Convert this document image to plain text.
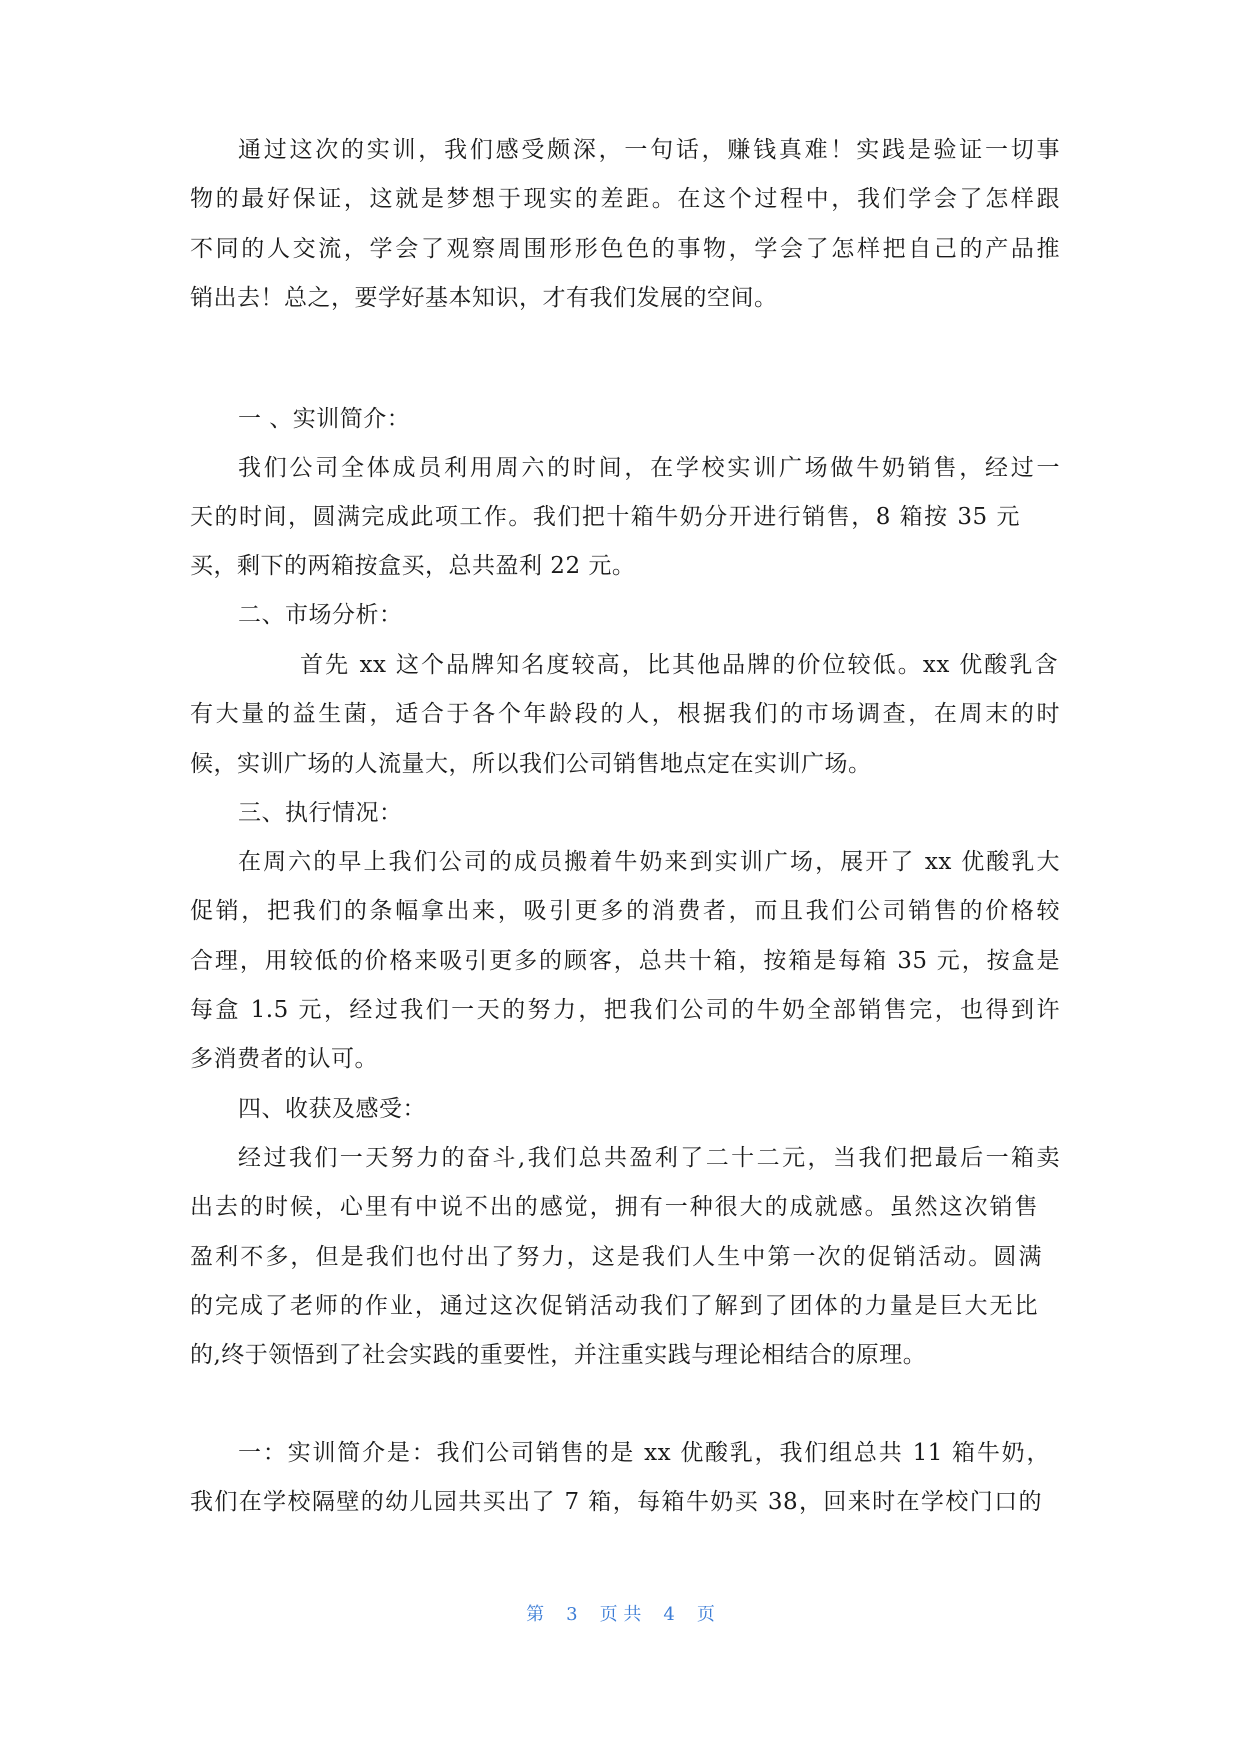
通过这次的实训，我们感受颇深，一句话，赚钱真难！实践是验证一切事
物的最好保证，这就是梦想于现实的差距。在这个过程中，我们学会了怎样跟
不同的人交流，学会了观察周围形形色色的事物，学会了怎样把自己的产品推
销出去！总之，要学好基本知识，才有我们发展的空间。
一 、实训简介：
我们公司全体成员利用周六的时间，在学校实训广场做牛奶销售，经过一
天的时间，圆满完成此项工作。我们把十箱牛奶分开进行销售，8 箱按 35 元
买，剩下的两箱按盒买，总共盈利 22 元。
二、市场分析：
首先 xx 这个品牌知名度较高，比其他品牌的价位较低。xx 优酸乳含
有大量的益生菌，适合于各个年龄段的人，根据我们的市场调查，在周末的时
候，实训广场的人流量大，所以我们公司销售地点定在实训广场。
三、执行情况：
在周六的早上我们公司的成员搬着牛奶来到实训广场，展开了 xx 优酸乳大
促销，把我们的条幅拿出来，吸引更多的消费者，而且我们公司销售的价格较
合理，用较低的价格来吸引更多的顾客，总共十箱，按箱是每箱 35 元，按盒是
每盒 1.5 元，经过我们一天的努力，把我们公司的牛奶全部销售完，也得到许
多消费者的认可。
四、收获及感受：
经过我们一天努力的奋斗,我们总共盈利了二十二元，当我们把最后一箱卖
出去的时候，心里有中说不出的感觉，拥有一种很大的成就感。虽然这次销售
盈利不多，但是我们也付出了努力，这是我们人生中第一次的促销活动。圆满
的完成了老师的作业，通过这次促销活动我们了解到了团体的力量是巨大无比
的,终于领悟到了社会实践的重要性，并注重实践与理论相结合的原理。
一：实训简介是：我们公司销售的是 xx 优酸乳，我们组总共 11 箱牛奶，
我们在学校隔壁的幼儿园共买出了 7 箱，每箱牛奶买 38，回来时在学校门口的
第 3 页 共 4 页
